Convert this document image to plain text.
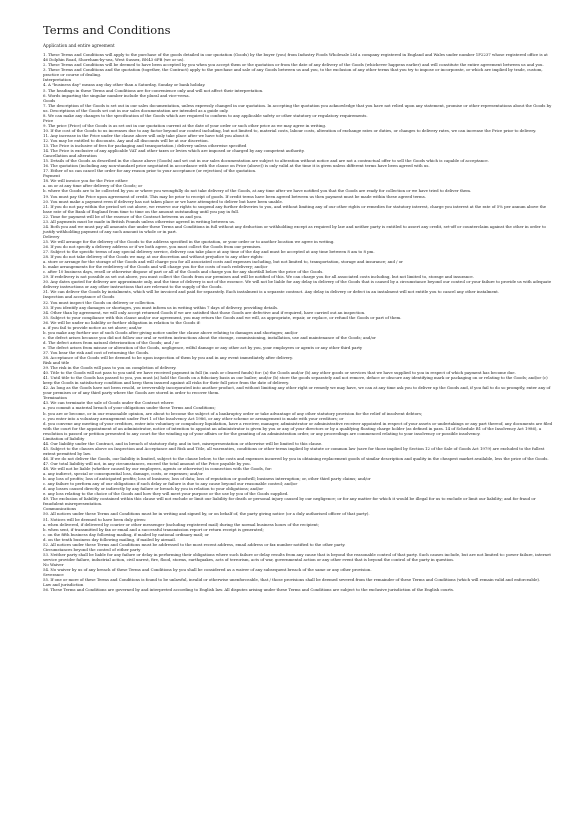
Terms and Conditions

Application and entire agreement

1. These Terms and Conditions will apply to the purchase of the goods detailed in our quotation (Goods) by the buyer (you) from Industry Foods Wholesale Ltd a company registered in England and Wales under number 1P2237 whose registered office is at 46 Dolphin Road, Shoreham-by-sea, West Sussex, BN43 6PB (we or us).

2. These Terms and Conditions will be deemed to have been accepted by you when you accept them or the quotation or from the date of any delivery of the Goods (whichever happens earlier) and will constitute the entire agreement between us and you.

3. These Terms and Conditions and the quotation (together, the Contract) apply to the purchase and sale of any Goods between us and you, to the exclusion of any other terms that you try to impose or incorporate, or which are implied by trade, custom, practice or course of dealing.

Interpretation

4. A "business day" means any day other than a Saturday, Sunday or bank holiday.

5. The headings in these Terms and Conditions are for convenience only and will not affect their interpretation.

6. Words imparting the singular number include the plural and vice-versa.

Goods

7. The description of the Goods is set out in our sales documentation, unless expressly changed in our quotation. In accepting the quotation you acknowledge that you have not relied upon any statement, promise or other representations about the Goods by us. Descriptions of the Goods set out in our sales documentation are intended as a guide only.

8. We can make any changes to the specification of the Goods which are required to conform to any applicable safety or other statutory or regulatory requirements.

Price

9. The price (Price) of the Goods is as set out in our quotation current at the date of your order or such other price as we may agree in writing.

10. If the cost of the Goods to us increases due to any factor beyond our control including, but not limited to, material costs, labour costs, alteration of exchange rates or duties, or changes to delivery rates, we can increase the Price prior to delivery.

11. Any increase in the Price under the clause above will only take place after we have told you about it.

12. You may be entitled to discounts. Any and all discounts will be at our discretion.

13. The Price is inclusive of fees for packaging and transportation / delivery unless otherwise specified

14. The Price is exclusive of any applicable VAT and other taxes or levies which are imposed or charged by any competent authority.

Cancellation and alteration

15. Details of the Goods as described in the clause above (Goods) and set out in our sales documentation are subject to alteration without notice and are not a contractual offer to sell the Goods which is capable of acceptance.

16. The quotation (including any non-standard price negotiated in accordance with the clause on Price (above)) is only valid at the time it is given unless different terms have been agreed with us.

17. Either of us can cancel the order for any reason prior to your acceptance (or rejection) of the quotation.

Payment

18. We will invoice you for the Price either:

a. on or at any time after delivery of the Goods; or

b. where the Goods are to be collected by you or where you wrongfully do not take delivery of the Goods, at any time after we have notified you that the Goods are ready for collection or we have tried to deliver them.

19. You must pay the Price upon agreement of credit. This may be prior to receipt of goods. If credit terms have been agreed between us then payment must be made within these agreed terms.

20. You must make a payment even if delivery has not taken place or we have attempted to deliver but have been unable.

21. If you do not pay within the period set out above, we reserve our rights to suspend any further deliveries to you, and without limiting any of our other rights or remedies for statutory interest, charge you interest at the rate of 5% per annum above the base rate of the Bank of England from time to time on the amount outstanding until you pay in full.

22. Time for payment will be of the essence of the Contract between us and you.

23. All payments must be made in British Pounds unless otherwise agreed in writing between us.

24. Both you and we must pay all amounts due under these Terms and Conditions in full without any deduction or withholding except as required by law and neither party is entitled to assert any credit, set-off or counterclaim against the other in order to justify withholding payment of any such amount in whole or in part.

Delivery

25. We will arrange for the delivery of the Goods to the address specified in the quotation, or your order or to another location we agree in writing.

26. If you do not specify a delivery address or if we both agree, you must collect the Goods from our premises.

27. Subject to the specific terms of any special delivery service, delivery can take place at any time of the day and must be accepted at any time between 8 am to 8 pm.

28. If you do not take delivery of the Goods we may, at our discretion and without prejudice to any other rights:

a. store or arrange for the storage of the Goods and will charge you for all associated costs and expenses including, but not limited to, transportation, storage and insurance; and / or

b. make arrangements for the redelivery of the Goods and will charge you for the costs of such redelivery; and/or

c. after 10 business days, resell or otherwise dispose of part or all of the Goods and charge you for any shortfall below the price of the Goods.

29. If redelivery is not possible as set out above, you must collect the Goods from our premises and will be notified of this. We can charge you for all associated costs including, but not limited to, storage and insurance.

30. Any dates quoted for delivery are approximate only, and the time of delivery is not of the essence. We will not be liable for any delay in delivery of the Goods that is caused by a circumstance beyond our control or your failure to provide us with adequate delivery instructions or any other instructions that are relevant to the supply of the Goods.

31. We can deliver the Goods by instalments, which will be invoiced and paid for separately. Each instalment is a separate contract. Any delay in delivery or defect in an instalment will not entitle you to cancel any other instalment.

Inspection and acceptance of Goods

32. You must inspect the Goods on delivery or collection.

33. If you identify any damages or shortages, you must inform us in writing within 7 days of delivery, providing details.

34. Other than by agreement, we will only accept returned Goods if we are satisfied that those Goods are defective and if required, have carried out an inspection.

35. Subject to your compliance with this clause and/or our agreement, you may return the Goods and we will, as appropriate, repair, or replace, or refund the Goods or part of them.

36. We will be under no liability or further obligation in relation to the Goods if:

a. if you fail to provide notice as set above; and/or

b. you make any further use of such Goods after giving notice under the clause above relating to damages and shortages; and/or

c. the defect arises because you did not follow our oral or written instructions about the storage, commissioning, installation, use and maintenance of the Goods; and/or

d. The defect arises from natural deterioration of the Goods; and / or

e. The defect arises from misuse or alteration of the Goods, negligence, wilful damage or any other act by you, your employees or agents or any other third party

37. You bear the risk and cost of returning the Goods.

38. Acceptance of the Goods will be deemed to be upon inspection of them by you and in any event immediately after delivery.

Risk and title

39. The risk in the Goods will pass to you on completion of delivery.

40. Title to the Goods will not pass to you until we have received payment in full (in cash or cleared funds) for: (a) the Goods and/or (b) any other goods or services that we have supplied to you in respect of which payment has become due.

41. Until title to the Goods has passed to you, you must (a) hold the Goods on a fiduciary basis as our bailee; and/or (b) store the goods separately and not remove, deface or obscure any identifying mark or packaging on or relating to the Goods; and/or (c) keep the Goods in satisfactory condition and keep them insured against all risks for their full price from the date of delivery.

42. As long as the Goods have not been resold, or irreversibly incorporated into another product, and without limiting any other right or remedy we may have, we can at any time ask you to deliver up the Goods and, if you fail to do so promptly, enter any of your premises or of any third party where the Goods are stored in order to recover them.

Termination

43. We can terminate the sale of Goods under the Contract where:

a. you commit a material breach of your obligations under these Terms and Conditions;

b. you are or become, or in our reasonable opinion, are about to become the subject of a bankruptcy order or take advantage of any other statutory provision for the relief of insolvent debtors;

c. you enter into a voluntary arrangement under Part 1 of the Insolvency Act 1986, or any other scheme or arrangement is made with your creditors; or

d. you convene any meeting of your creditors, enter into voluntary or compulsory liquidation, have a receiver, manager, administrator or administrative receiver appointed in respect of your assets or undertakings or any part thereof, any documents are filed with the court for the appointment of an administrator, notice of intention to appoint an administrator is given by you or any of your directors or by a qualifying floating charge holder (as defined in para. 14 of Schedule B1 of the Insolvency Act 1986), a resolution is passed or petition presented to any court for the winding up of your affairs or for the granting of an administration order, or any proceedings are commenced relating to your insolvency or possible insolvency.

Limitation of liability

44. Our liability under the Contract, and in breach of statutory duty, and in tort, misrepresentation or otherwise will be limited to this clause.

45. Subject to the clauses above on Inspection and Acceptance and Risk and Title, all warranties, conditions or other terms implied by statute or common law (save for those implied by Section 12 of the Sale of Goods Act 1979) are excluded to the fullest extent permitted by law.

46. If we do not deliver the Goods, our liability is limited, subject to the clause below, to the costs and expenses incurred by you in obtaining replacement goods of similar description and quality in the cheapest market available, less the price of the Goods.

47. Our total liability will not, in any circumstances, exceed the total amount of the Price payable by you.

48. We will not be liable (whether caused by our employees, agents or otherwise) in connection with the Goods, for:

a. any indirect, special or consequential loss, damage, costs, or expenses; and/or

b. any loss of profits; loss of anticipated profits; loss of business; loss of data; loss of reputation or goodwill; business interruption; or, other third party claims; and/or

c. any failure to perform any of our obligations if such delay or failure is due to any cause beyond our reasonable control; and/or

d. any losses caused directly or indirectly by any failure or breach by you in relation to your obligations; and/or

e. any loss relating to the choice of the Goods and how they will meet your purpose or the use by you of the Goods supplied.

49. The exclusion of liability contained within this clause will not exclude or limit our liability for death or personal injury caused by our negligence; or for any matter for which it would be illegal for us to exclude or limit our liability; and for fraud or fraudulent misrepresentation.

Communications

50. All notices under these Terms and Conditions must be in writing and signed by, or on behalf of, the party giving notice (or a duly authorised officer of that party).

51. Notices will be deemed to have been duly given:

a. when delivered, if delivered by courier or other messenger (including registered mail) during the normal business hours of the recipient;

b. when sent, if transmitted by fax or email and a successful transmission report or return receipt is generated;

c. on the fifth business day following mailing, if mailed by national ordinary mail; or

d. on the tenth business day following mailing, if mailed by airmail.

52. All notices under these Terms and Conditions must be addressed to the most recent address, email address or fax number notified to the other party.

Circumstances beyond the control of either party

53. Neither party shall be liable for any failure or delay in performing their obligations where such failure or delay results from any cause that is beyond the reasonable control of that party. Such causes include, but are not limited to: power failure, internet service provider failure, industrial action, civil unrest, fire, flood, storms, earthquakes, acts of terrorism, acts of war, governmental action or any other event that is beyond the control of the party in question.

No Waiver

54. No waiver by us of any breach of these Terms and Conditions by you shall be considered as a waiver of any subsequent breach of the same or any other provision.

Severance

55. If one or more of these Terms and Conditions is found to be unlawful, invalid or otherwise unenforceable, that / those provisions shall be deemed severed from the remainder of these Terms and Conditions (which will remain valid and enforceable).

Law and jurisdiction

56. These Terms and Conditions are governed by and interpreted according to English law. All disputes arising under these Terms and Conditions are subject to the exclusive jurisdiction of the English courts.
